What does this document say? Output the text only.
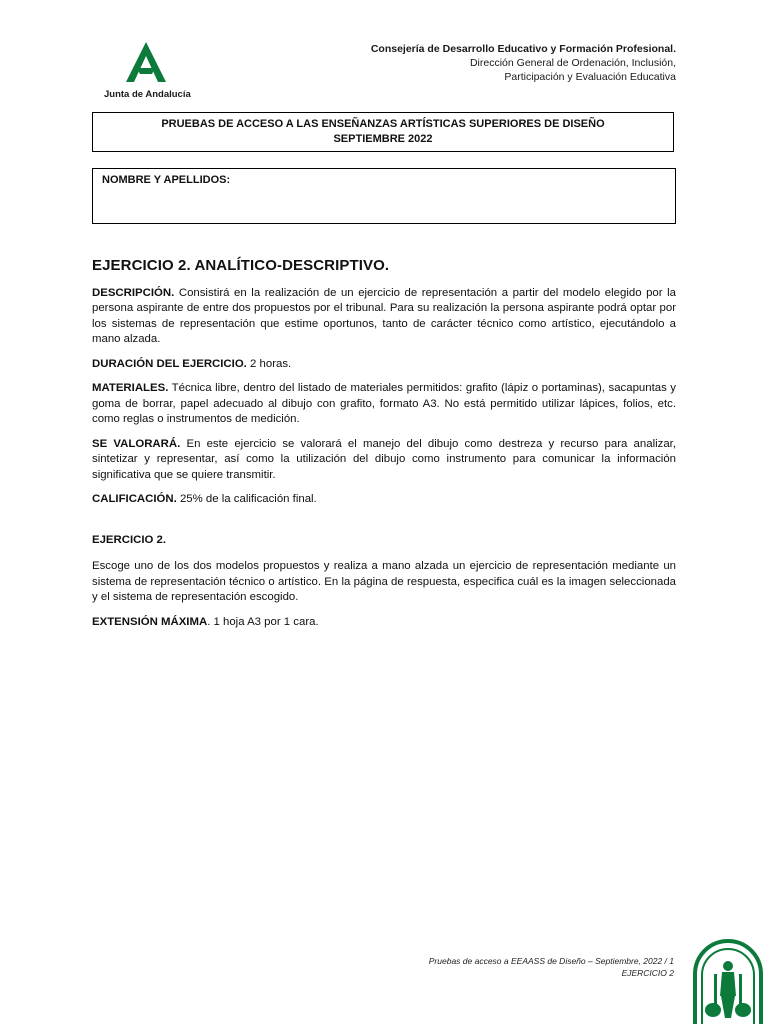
Junta de Andalucía
Consejería de Desarrollo Educativo y Formación Profesional.
Dirección General de Ordenación, Inclusión,
Participación y Evaluación Educativa
PRUEBAS DE ACCESO A LAS ENSEÑANZAS ARTÍSTICAS SUPERIORES DE DISEÑO
SEPTIEMBRE 2022
NOMBRE Y APELLIDOS:
EJERCICIO 2. ANALÍTICO-DESCRIPTIVO.

DESCRIPCIÓN. Consistirá en la realización de un ejercicio de representación a partir del modelo elegido por la persona aspirante de entre dos propuestos por el tribunal. Para su realización la persona aspirante podrá optar por los sistemas de representación que estime oportunos, tanto de carácter técnico como artístico, ejecutándolo a mano alzada.

DURACIÓN DEL EJERCICIO. 2 horas.

MATERIALES. Técnica libre, dentro del listado de materiales permitidos: grafito (lápiz o portaminas), sacapuntas y goma de borrar, papel adecuado al dibujo con grafito, formato A3. No está permitido utilizar lápices, folios, etc. como reglas o instrumentos de medición.

SE VALORARÁ. En este ejercicio se valorará el manejo del dibujo como destreza y recurso para analizar, sintetizar y representar, así como la utilización del dibujo como instrumento para comunicar la información significativa que se quiere transmitir.

CALIFICACIÓN. 25% de la calificación final.

EJERCICIO 2.

Escoge uno de los dos modelos propuestos y realiza a mano alzada un ejercicio de representación mediante un sistema de representación técnico o artístico. En la página de respuesta, especifica cuál es la imagen seleccionada y el sistema de representación escogido.

EXTENSIÓN MÁXIMA. 1 hoja A3 por 1 cara.

Pruebas de acceso a EEAASS de Diseño – Septiembre, 2022 / 1
EJERCICIO 2
